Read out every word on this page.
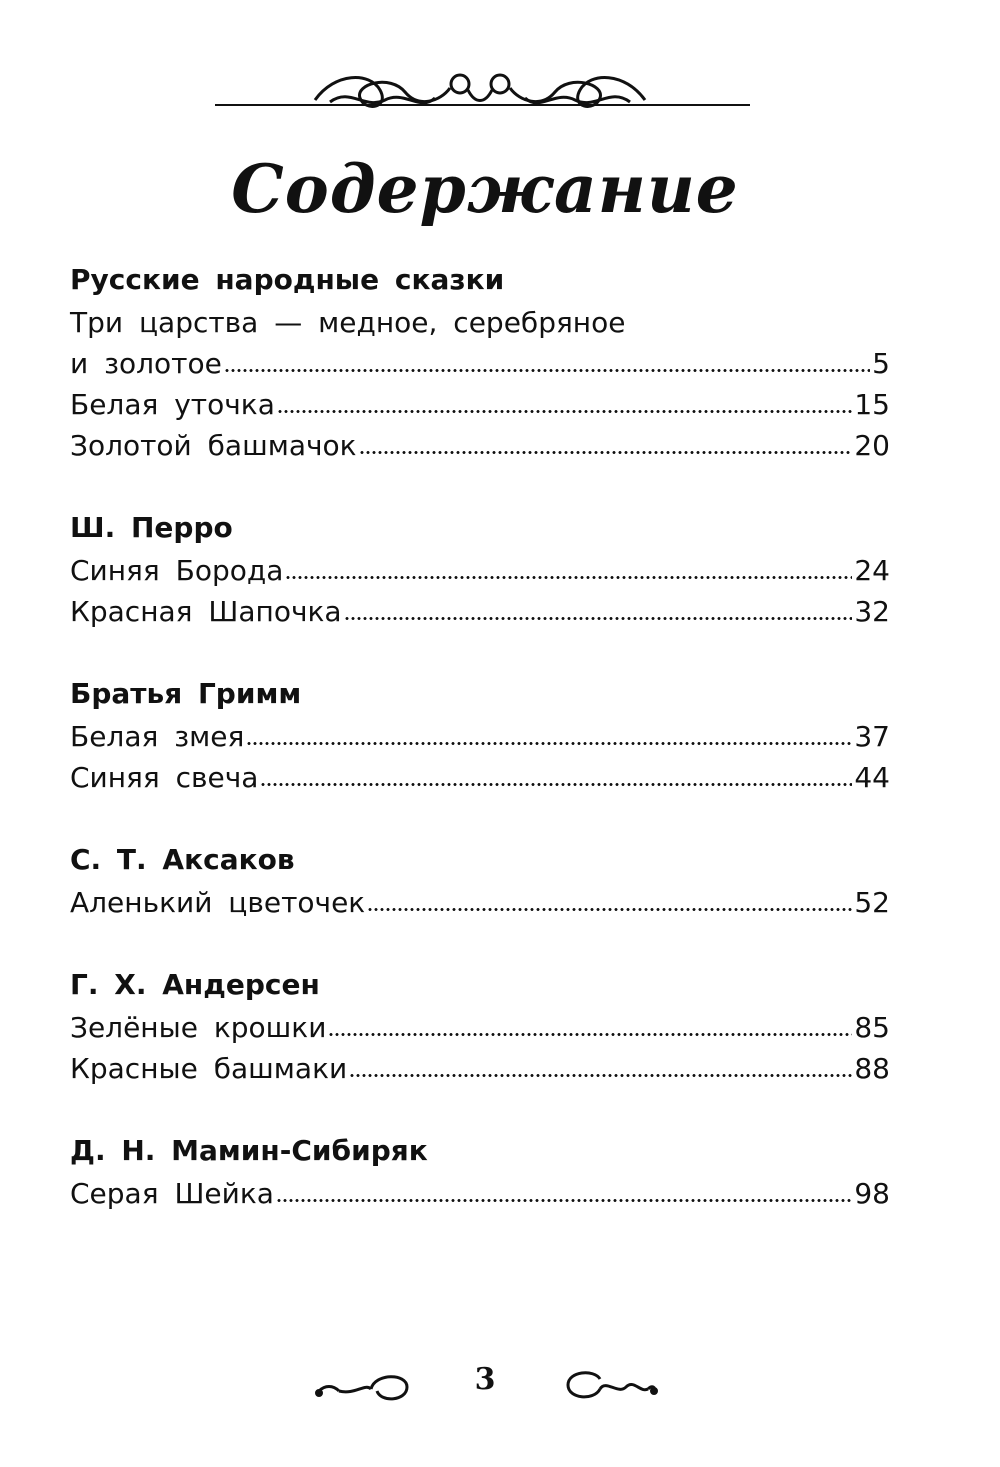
Содержание
Русские народные сказки
Три царства — медное, серебряное
и золотое	5
Белая уточка	15
Золотой башмачок	20
Ш. Перро
Синяя Борода	24
Красная Шапочка	32
Братья Гримм
Белая змея	37
Синяя свеча	44
С. Т. Аксаков
Аленький цветочек	52
Г. Х. Андерсен
Зелёные крошки	85
Красные башмаки	88
Д. Н. Мамин-Сибиряк
Серая Шейка	98
3
